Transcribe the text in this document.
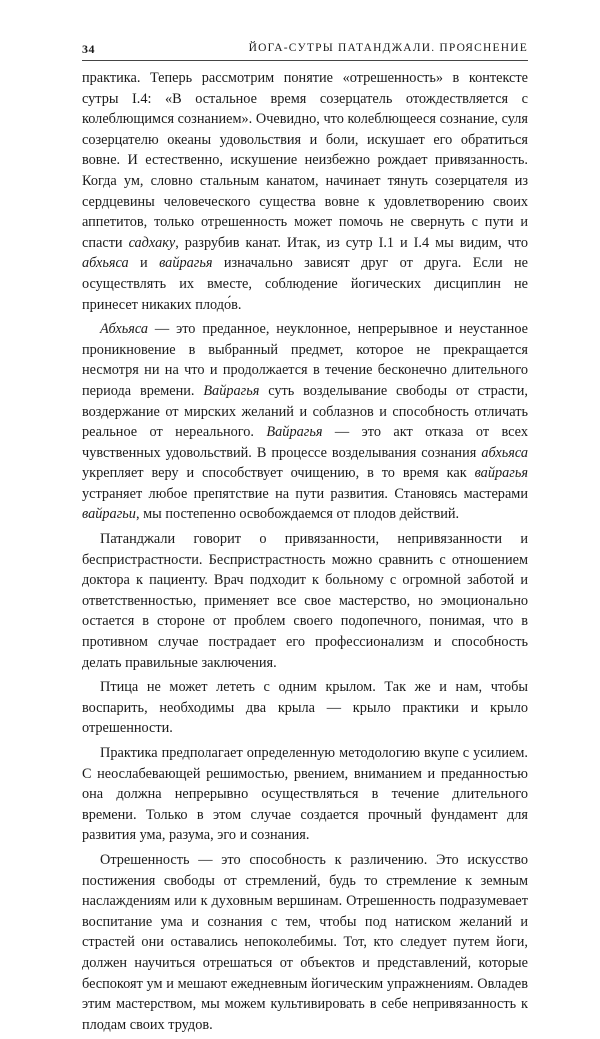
34	ЙОГА-СУТРЫ ПАТАНДЖАЛИ. ПРОЯСНЕНИЕ

практика. Теперь рассмотрим понятие «отрешенность» в контексте сутры I.4: «В остальное время созерцатель отождествляется с колеблющимся сознанием». Очевидно, что колеблющееся сознание, суля созерцателю океаны удовольствия и боли, искушает его обратиться вовне. И естественно, искушение неизбежно рождает привязанность. Когда ум, словно стальным канатом, начинает тянуть созерцателя из сердцевины человеческого существа вовне к удовлетворению своих аппетитов, только отрешенность может помочь не свернуть с пути и спасти садхаку, разрубив канат. Итак, из сутр I.1 и I.4 мы видим, что абхьяса и вайрагья изначально зависят друг от друга. Если не осуществлять их вместе, соблюдение йогических дисциплин не принесет никаких плодо́в.

Абхьяса — это преданное, неуклонное, непрерывное и неустанное проникновение в выбранный предмет, которое не прекращается несмотря ни на что и продолжается в течение бесконечно длительного периода времени. Вайрагья суть возделывание свободы от страсти, воздержание от мирских желаний и соблазнов и способность отличать реальное от нереального. Вайрагья — это акт отказа от всех чувственных удовольствий. В процессе возделывания сознания абхьяса укрепляет веру и способствует очищению, в то время как вайрагья устраняет любое препятствие на пути развития. Становясь мастерами вайрагьи, мы постепенно освобождаемся от плодов действий.

Патанджали говорит о привязанности, непривязанности и беспристрастности. Беспристрастность можно сравнить с отношением доктора к пациенту. Врач подходит к больному с огромной заботой и ответственностью, применяет все свое мастерство, но эмоционально остается в стороне от проблем своего подопечного, понимая, что в противном случае пострадает его профессионализм и способность делать правильные заключения.

Птица не может лететь с одним крылом. Так же и нам, чтобы воспарить, необходимы два крыла — крыло практики и крыло отрешенности.

Практика предполагает определенную методологию вкупе с усилием. С неослабевающей решимостью, рвением, вниманием и преданностью она должна непрерывно осуществляться в течение длительного времени. Только в этом случае создается прочный фундамент для развития ума, разума, эго и сознания.

Отрешенность — это способность к различению. Это искусство постижения свободы от стремлений, будь то стремление к земным наслаждениям или к духовным вершинам. Отрешенность подразумевает воспитание ума и сознания с тем, чтобы под натиском желаний и страстей они оставались непоколебимы. Тот, кто следует путем йоги, должен научиться отрешаться от объектов и представлений, которые беспокоят ум и мешают ежедневным йогическим упражнениям. Овладев этим мастерством, мы можем культивировать в себе непривязанность к плодам своих трудов.
